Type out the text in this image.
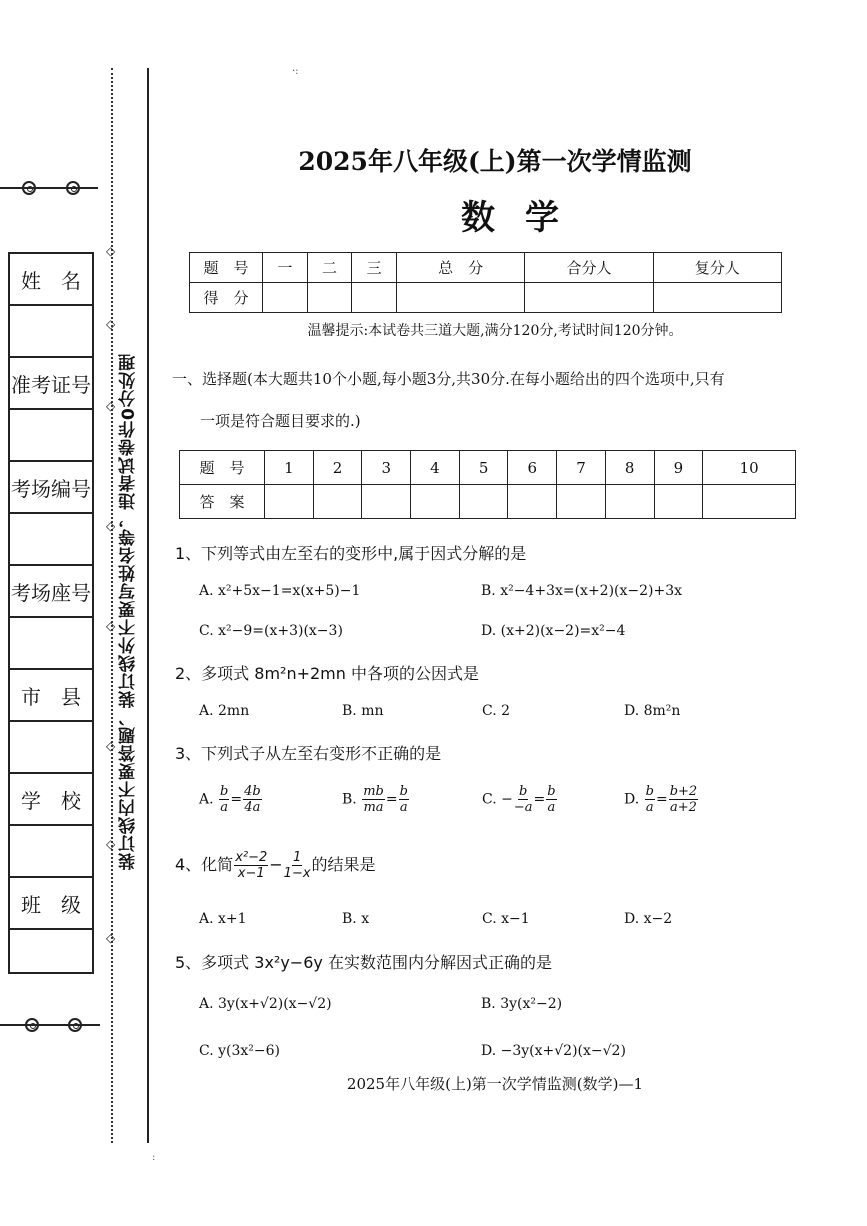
◇
◇
◇
◇
◇
◇
◇
◇
姓　名
准考证号
考场编号
考场座号
市　县
学　校
班　级
装订线内不要答题、装订线外不要写姓名等，违者试卷作0分处理
·:
:
2025年八年级(上)第一次学情监测
数学
题　号	一	二	三	总　分	合分人	复分人
得　分						
温馨提示:本试卷共三道大题,满分120分,考试时间120分钟。
一、选择题(本大题共10个小题,每小题3分,共30分.在每小题给出的四个选项中,只有
一项是符合题目要求的.)
题　号	1	2	3	4	5	6	7	8	9	10
答　案										
1、下列等式由左至右的变形中,属于因式分解的是
A. x²+5x−1=x(x+5)−1	B. x²−4+3x=(x+2)(x−2)+3x
C. x²−9=(x+3)(x−3)	D. (x+2)(x−2)=x²−4
2、多项式 8m²n+2mn 中各项的公因式是
A. 2mn	B. mn	C. 2	D. 8m²n
3、下列式子从左至右变形不正确的是
A. $\frac{b}{a} = \frac{4b}{4a}$	B. $\frac{mb}{ma} = \frac{b}{a}$	C. − $\frac{b}{-a} = \frac{b}{a}$	D. $\frac{b}{a} = \frac{b+2}{a+2}$
4、化简 $\frac{\text{x²−2}}{x-1} - \frac{1}{1-x}$ 的结果是
A. x+1	B. x	C. x−1	D. x−2
5、多项式 3x²y−6y 在实数范围内分解因式正确的是
A. 3y(x+√2)(x−√2)	B. 3y(x²−2)
C. y(3x²−6)	D. −3y(x+√2)(x−√2)
2025年八年级(上)第一次学情监测(数学)—1
